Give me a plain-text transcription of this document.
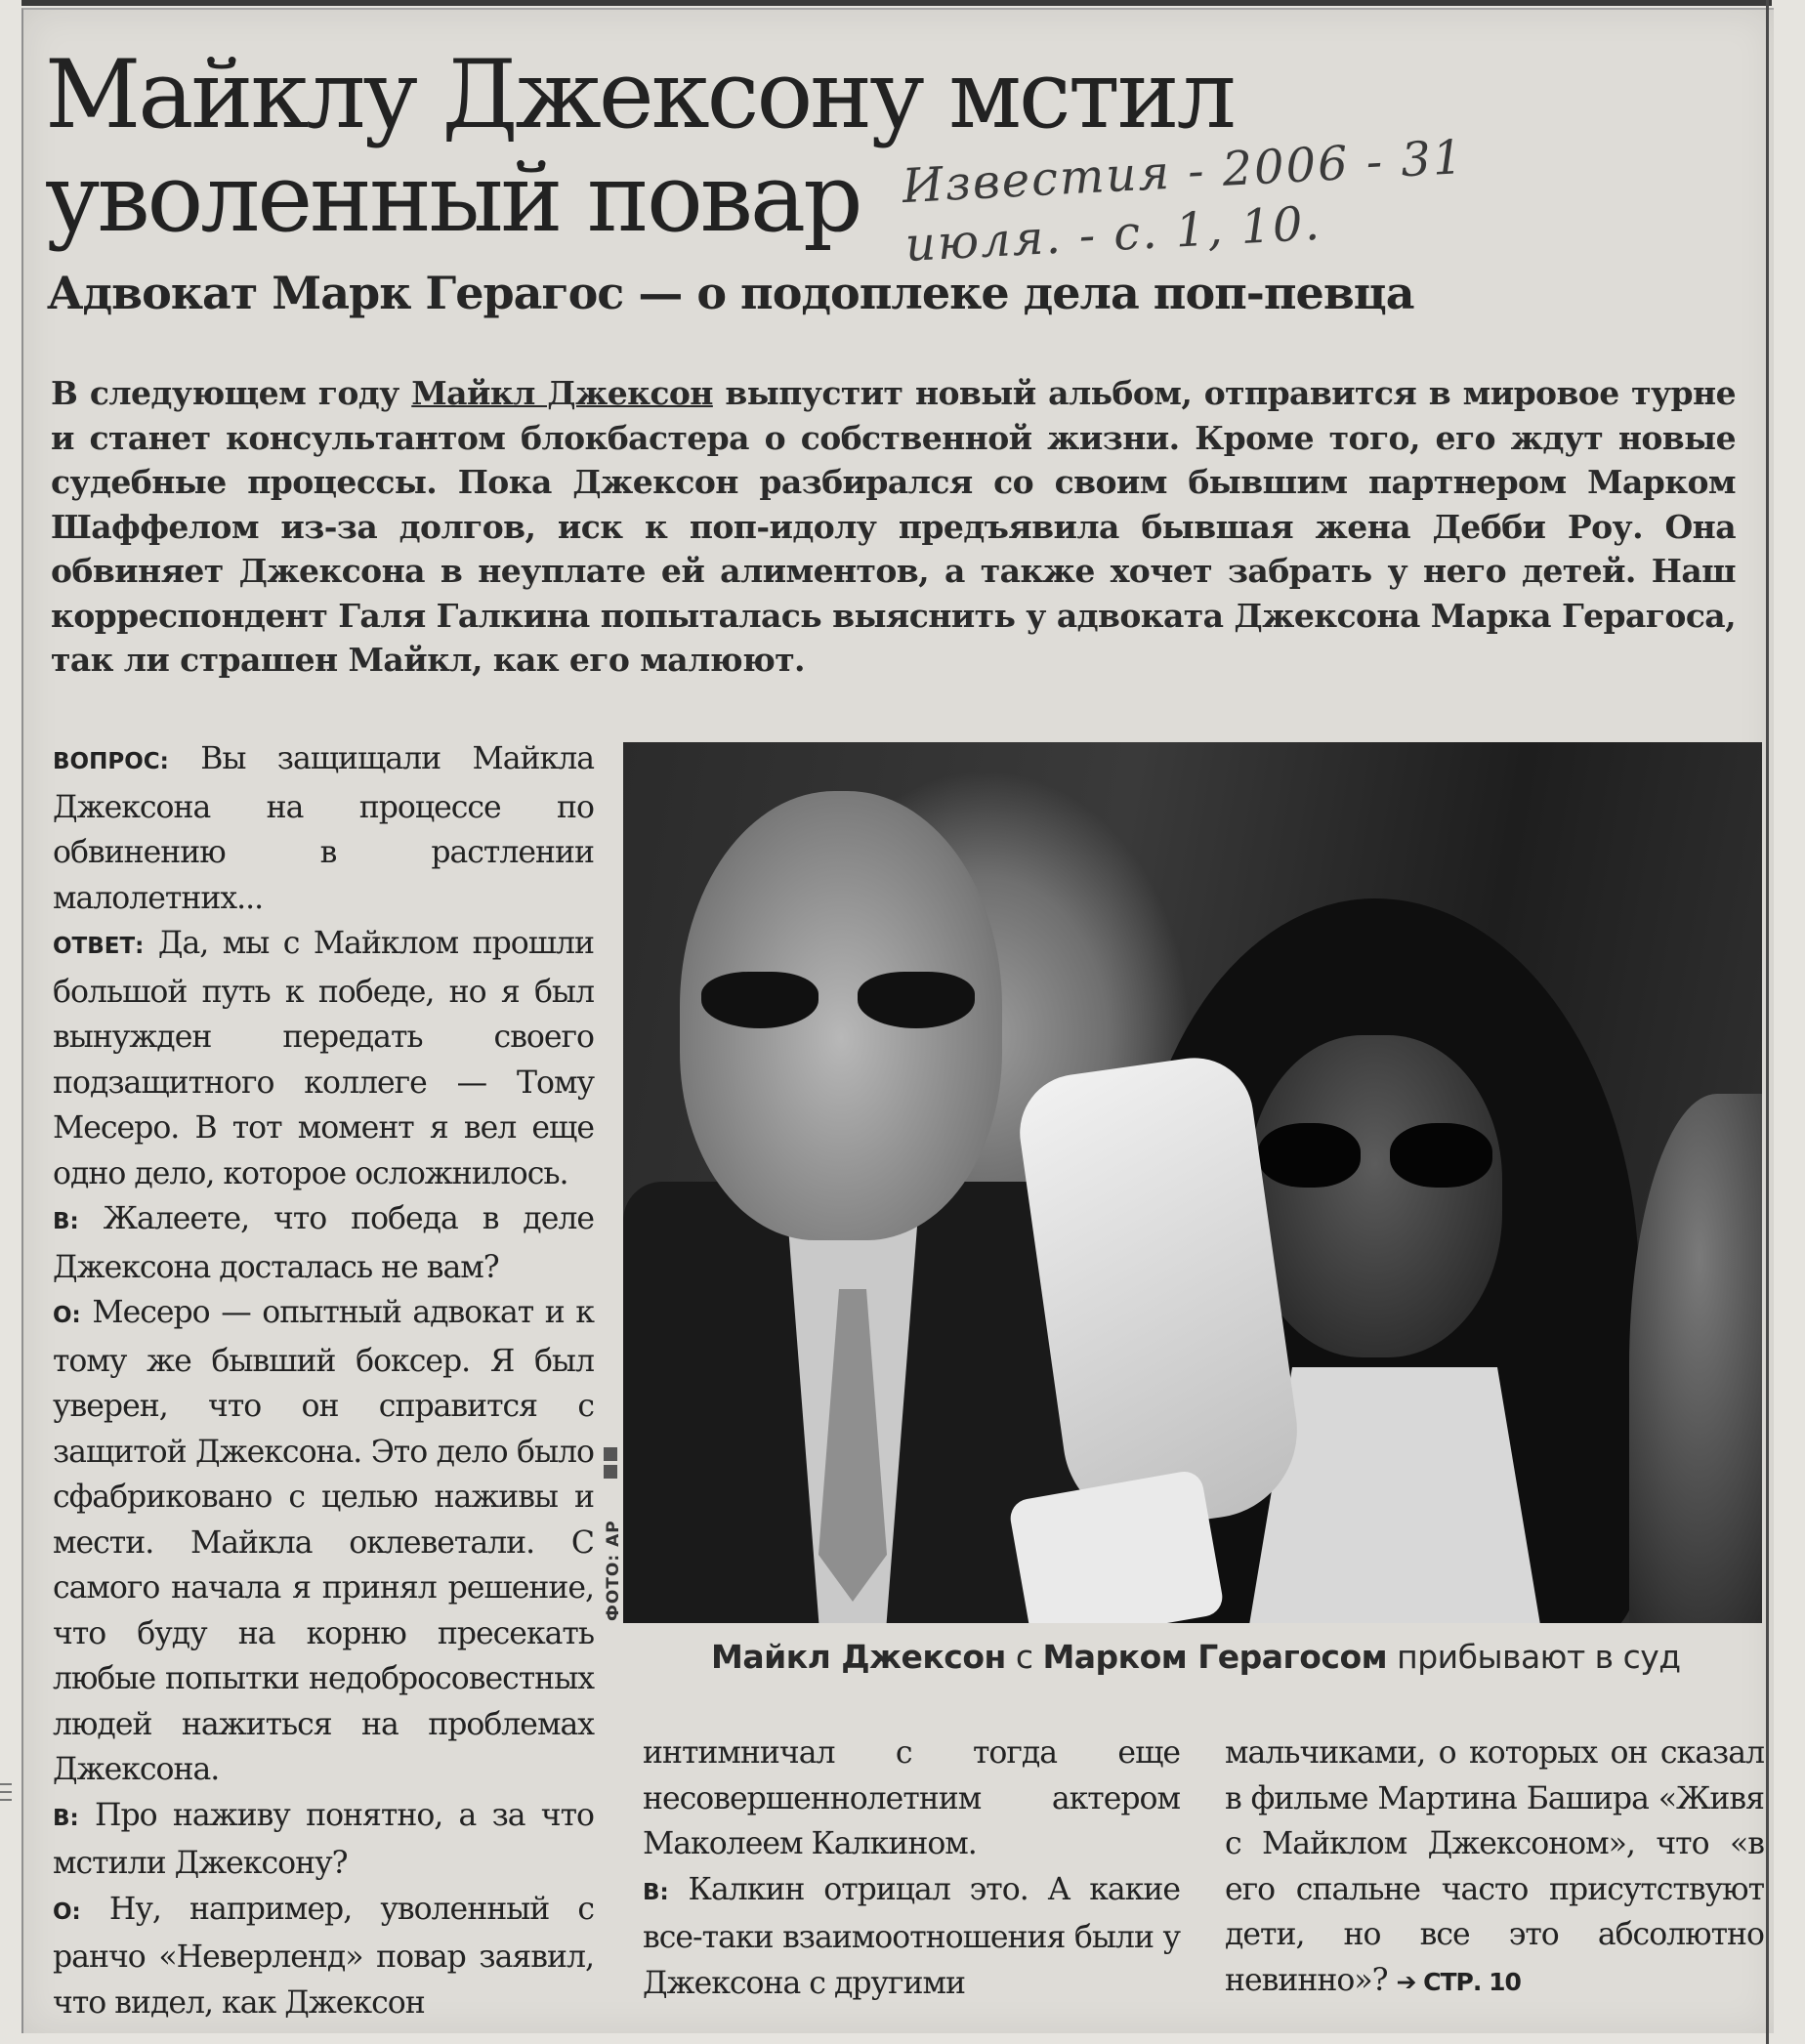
Майклу Джексону мстил
уволенный повар Известия - 2006 - 31
июля. - с. 1, 10.
Адвокат Марк Герагос — о подоплеке дела поп-певца

В следующем году Майкл Джексон выпустит новый альбом, отправится в мировое турне и станет консультантом блокбастера о собственной жизни. Кроме того, его ждут новые судебные процессы. Пока Джексон разбирался со своим бывшим партнером Марком Шаффелом из-за долгов, иск к поп-идолу предъявила бывшая жена Дебби Роу. Она обвиняет Джексона в неуплате ей алиментов, а также хочет забрать у него детей. Наш корреспондент Галя Галкина попыталась выяснить у адвоката Джексона Марка Герагоса, так ли страшен Майкл, как его малюют.

ВОПРОС: Вы защищали Майкла Джексона на процессе по обвинению в растлении малолетних...

ОТВЕТ: Да, мы с Майклом прошли большой путь к победе, но я был вынужден передать своего подзащитного коллеге — Тому Месеро. В тот момент я вел еще одно дело, которое осложнилось.

В: Жалеете, что победа в деле Джексона досталась не вам?

О: Месеро — опытный адвокат и к тому же бывший боксер. Я был уверен, что он справится с защитой Джексона. Это дело было сфабриковано с целью наживы и мести. Майкла оклеветали. С самого начала я принял решение, что буду на корню пресекать любые попытки недобросовестных людей нажиться на проблемах Джексона.

В: Про наживу понятно, а за что мстили Джексону?

О: Ну, например, уволенный с ранчо «Неверленд» повар заявил, что видел, как Джексон

ФОТО: AP

Майкл Джексон с Марком Герагосом прибывают в суд

интимничал с тогда еще несовершеннолетним актером Маколеем Калкином.

В: Калкин отрицал это. А какие все-таки взаимоотношения были у Джексона с другими

мальчиками, о которых он сказал в фильме Мартина Башира «Живя с Майклом Джексоном», что «в его спальне часто присутствуют дети, но все это абсолютно невинно»? ➔ СТР. 10
